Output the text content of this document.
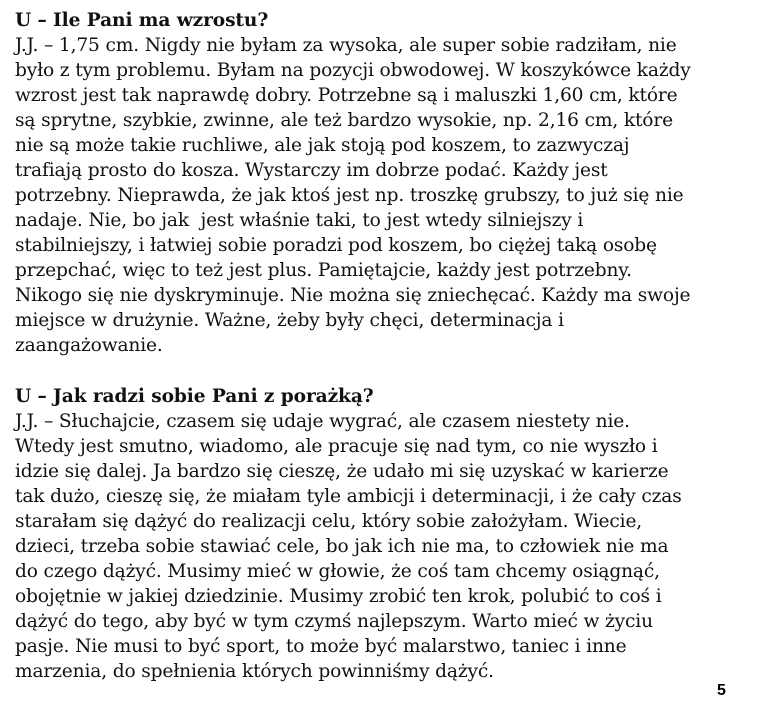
U – Ile Pani ma wzrostu?
J.J. – 1,75 cm. Nigdy nie byłam za wysoka, ale super sobie radziłam, nie
było z tym problemu. Byłam na pozycji obwodowej. W koszykówce każdy
wzrost jest tak naprawdę dobry. Potrzebne są i maluszki 1,60 cm, które
są sprytne, szybkie, zwinne, ale też bardzo wysokie, np. 2,16 cm, które
nie są może takie ruchliwe, ale jak stoją pod koszem, to zazwyczaj
trafiają prosto do kosza. Wystarczy im dobrze podać. Każdy jest
potrzebny. Nieprawda, że jak ktoś jest np. troszkę grubszy, to już się nie
nadaje. Nie, bo jak  jest właśnie taki, to jest wtedy silniejszy i
stabilniejszy, i łatwiej sobie poradzi pod koszem, bo ciężej taką osobę
przepchać, więc to też jest plus. Pamiętajcie, każdy jest potrzebny.
Nikogo się nie dyskryminuje. Nie można się zniechęcać. Każdy ma swoje
miejsce w drużynie. Ważne, żeby były chęci, determinacja i
zaangażowanie.
U – Jak radzi sobie Pani z porażką?
J.J. – Słuchajcie, czasem się udaje wygrać, ale czasem niestety nie.
Wtedy jest smutno, wiadomo, ale pracuje się nad tym, co nie wyszło i
idzie się dalej. Ja bardzo się cieszę, że udało mi się uzyskać w karierze
tak dużo, cieszę się, że miałam tyle ambicji i determinacji, i że cały czas
starałam się dążyć do realizacji celu, który sobie założyłam. Wiecie,
dzieci, trzeba sobie stawiać cele, bo jak ich nie ma, to człowiek nie ma
do czego dążyć. Musimy mieć w głowie, że coś tam chcemy osiągnąć,
obojętnie w jakiej dziedzinie. Musimy zrobić ten krok, polubić to coś i
dążyć do tego, aby być w tym czymś najlepszym. Warto mieć w życiu
pasje. Nie musi to być sport, to może być malarstwo, taniec i inne
marzenia, do spełnienia których powinniśmy dążyć.
5
